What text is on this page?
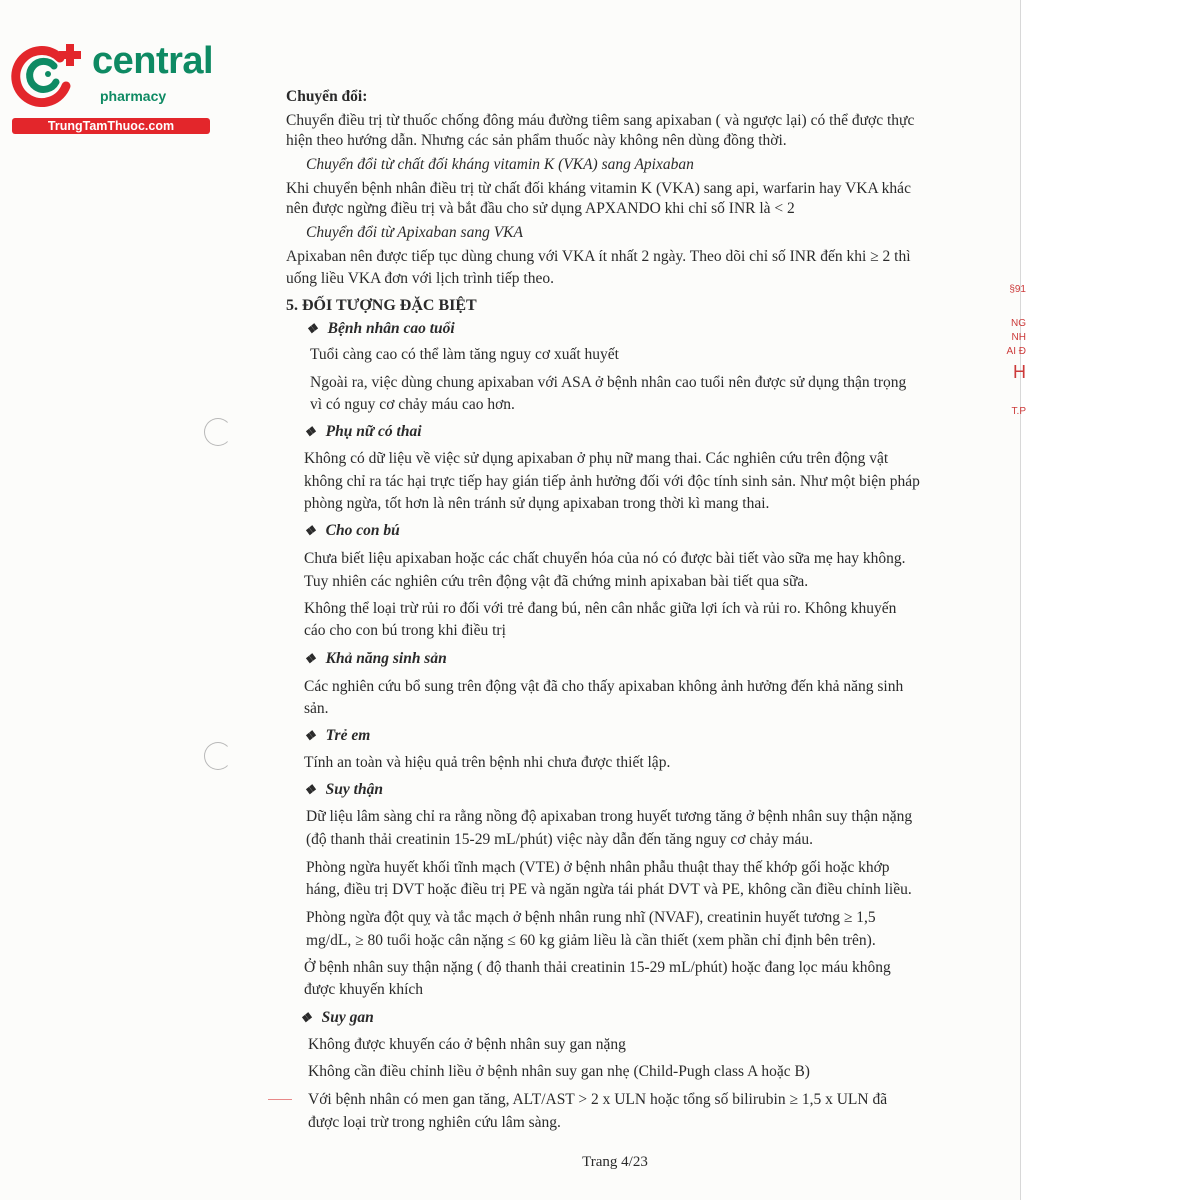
central
pharmacy
TrungTamThuoc.com
§91
NG
NH
AI Đ
H
T.P
Chuyển đổi:
Chuyển điều trị từ thuốc chống đông máu đường tiêm sang apixaban ( và ngược lại) có thể được thực
hiện theo hướng dẫn. Nhưng các sản phẩm thuốc này không nên dùng đồng thời.
Chuyển đổi từ chất đối kháng vitamin K (VKA) sang Apixaban
Khi chuyển bệnh nhân điều trị từ chất đối kháng vitamin K (VKA) sang api, warfarin hay VKA khác
nên được ngừng điều trị và bắt đầu cho sử dụng APXANDO khi chỉ số INR là < 2
Chuyển đổi từ Apixaban sang VKA
Apixaban nên được tiếp tục dùng chung với VKA ít nhất 2 ngày. Theo dõi chỉ số INR đến khi ≥ 2 thì
uống liều VKA đơn với lịch trình tiếp theo.
5. ĐỐI TƯỢNG ĐẶC BIỆT
❖ Bệnh nhân cao tuổi
Tuổi càng cao có thể làm tăng nguy cơ xuất huyết
Ngoài ra, việc dùng chung apixaban với ASA ở bệnh nhân cao tuổi nên được sử dụng thận trọng
vì có nguy cơ chảy máu cao hơn.
❖ Phụ nữ có thai
Không có dữ liệu về việc sử dụng apixaban ở phụ nữ mang thai. Các nghiên cứu trên động vật
không chỉ ra tác hại trực tiếp hay gián tiếp ảnh hưởng đối với độc tính sinh sản. Như một biện pháp
phòng ngừa, tốt hơn là nên tránh sử dụng apixaban trong thời kì mang thai.
❖ Cho con bú
Chưa biết liệu apixaban hoặc các chất chuyển hóa của nó có được bài tiết vào sữa mẹ hay không.
Tuy nhiên các nghiên cứu trên động vật đã chứng minh apixaban bài tiết qua sữa.
Không thể loại trừ rủi ro đối với trẻ đang bú, nên cân nhắc giữa lợi ích và rủi ro. Không khuyến
cáo cho con bú trong khi điều trị
❖ Khả năng sinh sản
Các nghiên cứu bổ sung trên động vật đã cho thấy apixaban không ảnh hưởng đến khả năng sinh
sản.
❖ Trẻ em
Tính an toàn và hiệu quả trên bệnh nhi chưa được thiết lập.
❖ Suy thận
Dữ liệu lâm sàng chỉ ra rằng nồng độ apixaban trong huyết tương tăng ở bệnh nhân suy thận nặng
(độ thanh thải creatinin 15-29 mL/phút) việc này dẫn đến tăng nguy cơ chảy máu.
Phòng ngừa huyết khối tĩnh mạch (VTE) ở bệnh nhân phẫu thuật thay thế khớp gối hoặc khớp
háng, điều trị DVT hoặc điều trị PE và ngăn ngừa tái phát DVT và PE, không cần điều chỉnh liều.
Phòng ngừa đột quỵ và tắc mạch ở bệnh nhân rung nhĩ (NVAF), creatinin huyết tương ≥ 1,5
mg/dL, ≥ 80 tuổi hoặc cân nặng ≤ 60 kg giảm liều là cần thiết (xem phần chỉ định bên trên).
Ở bệnh nhân suy thận nặng ( độ thanh thải creatinin 15-29 mL/phút) hoặc đang lọc máu không
được khuyến khích
❖ Suy gan
Không được khuyến cáo ở bệnh nhân suy gan nặng
Không cần điều chỉnh liều ở bệnh nhân suy gan nhẹ (Child-Pugh class A hoặc B)
Với bệnh nhân có men gan tăng, ALT/AST > 2 x ULN hoặc tổng số bilirubin ≥ 1,5 x ULN đã
được loại trừ trong nghiên cứu lâm sàng.
Trang 4/23
